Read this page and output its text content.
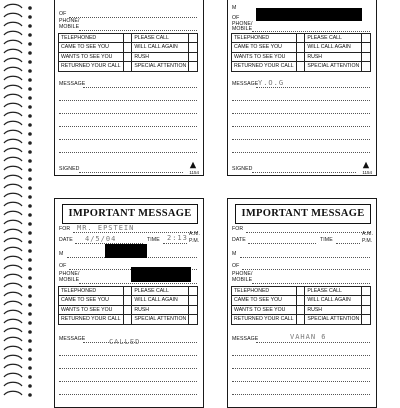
OF
PHONE/
MOBILE
TELEPHONED		PLEASE CALL	
CAME TO SEE YOU		WILL CALL AGAIN	
WANTS TO SEE YOU		RUSH	
RETURNED YOUR CALL		SPECIAL ATTENTION	
MESSAGE
SIGNED
1154
M
OF
PHONE/
MOBILE
TELEPHONED		PLEASE CALL	
CAME TO SEE YOU		WILL CALL AGAIN	
WANTS TO SEE YOU		RUSH	
RETURNED YOUR CALL		SPECIAL ATTENTION	
MESSAGE Y.O.G
SIGNED
1154
IMPORTANT MESSAGE
FOR MR. EPSTEIN
DATE 4/5/04	TIME 2:13 A.M.
P.M.
M
OF
PHONE/
MOBILE
TELEPHONED		PLEASE CALL	
CAME TO SEE YOU		WILL CALL AGAIN	
WANTS TO SEE YOU		RUSH	
RETURNED YOUR CALL		SPECIAL ATTENTION	
MESSAGE	CALLED
IMPORTANT MESSAGE
FOR
DATE	TIME
A.M.
P.M.
M
OF
PHONE/
MOBILE
TELEPHONED		PLEASE CALL	
CAME TO SEE YOU		WILL CALL AGAIN	
WANTS TO SEE YOU		RUSH	
RETURNED YOUR CALL		SPECIAL ATTENTION	
MESSAGE	VAHAN 6
